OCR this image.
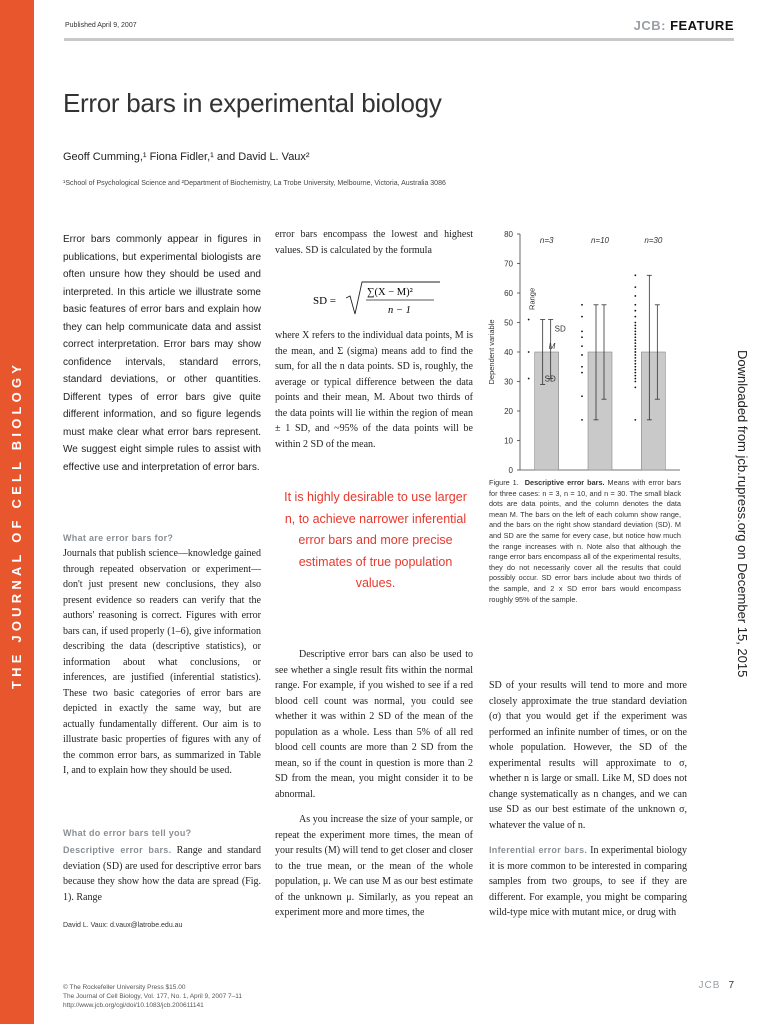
THE JOURNAL OF CELL BIOLOGY
Published April 9, 2007	JCB: FEATURE
Error bars in experimental biology
Geoff Cumming,¹ Fiona Fidler,¹ and David L. Vaux²
¹School of Psychological Science and ²Department of Biochemistry, La Trobe University, Melbourne, Victoria, Australia 3086
Error bars commonly appear in figures in publications, but experimental biologists are often unsure how they should be used and interpreted. In this article we illustrate some basic features of error bars and explain how they can help communicate data and assist correct interpretation. Error bars may show confidence intervals, standard errors, standard deviations, or other quantities. Different types of error bars give quite different information, and so figure legends must make clear what error bars represent. We suggest eight simple rules to assist with effective use and interpretation of error bars.
What are error bars for?
Journals that publish science—knowledge gained through repeated observation or experiment—don't just present new conclusions, they also present evidence so readers can verify that the authors' reasoning is correct. Figures with error bars can, if used properly (1–6), give information describing the data (descriptive statistics), or information about what conclusions, or inferences, are justified (inferential statistics). These two basic categories of error bars are depicted in exactly the same way, but are actually fundamentally different. Our aim is to illustrate basic properties of figures with any of the common error bars, as summarized in Table I, and to explain how they should be used.
What do error bars tell you?
Descriptive error bars. Range and standard deviation (SD) are used for descriptive error bars because they show how the data are spread (Fig. 1). Range
David L. Vaux: d.vaux@latrobe.edu.au
error bars encompass the lowest and highest values. SD is calculated by the formula
SD =
∑(X − M)²
n − 1
where X refers to the individual data points, M is the mean, and Σ (sigma) means add to find the sum, for all the n data points. SD is, roughly, the average or typical difference between the data points and their mean, M. About two thirds of the data points will lie within the region of mean ± 1 SD, and ~95% of the data points will be within 2 SD of the mean.
It is highly desirable to use larger n, to achieve narrower inferential error bars and more precise estimates of true population values.

Descriptive error bars can also be used to see whether a single result fits within the normal range. For example, if you wished to see if a red blood cell count was normal, you could see whether it was within 2 SD of the mean of the population as a whole. Less than 5% of all red blood cell counts are more than 2 SD from the mean, so if the count in question is more than 2 SD from the mean, you might consider it to be abnormal.

As you increase the size of your sample, or repeat the experiment more times, the mean of your results (M) will tend to get closer and closer to the true mean, or the mean of the whole population, μ. We can use M as our best estimate of the unknown μ. Similarly, as you repeat an experiment more and more times, the

0
10
20
30
40
50
60
70
80
Dependent variable
n=3
Range
SD
M
SD
n=10	n=30
Figure 1. Descriptive error bars. Means with error bars for three cases: n = 3, n = 10, and n = 30. The small black dots are data points, and the column denotes the data mean M. The bars on the left of each column show range, and the bars on the right show standard deviation (SD). M and SD are the same for every case, but notice how much the range increases with n. Note also that although the range error bars encompass all of the experimental results, they do not necessarily cover all the results that could possibly occur. SD error bars include about two thirds of the sample, and 2 x SD error bars would encompass roughly 95% of the sample.

SD of your results will tend to more and more closely approximate the true standard deviation (σ) that you would get if the experiment was performed an infinite number of times, or on the whole population. However, the SD of the experimental results will approximate to σ, whether n is large or small. Like M, SD does not change systematically as n changes, and we can use SD as our best estimate of the unknown σ, whatever the value of n.

Inferential error bars. In experimental biology it is more common to be interested in comparing samples from two groups, to see if they are different. For example, you might be comparing wild-type mice with mutant mice, or drug with

Downloaded from jcb.rupress.org on December 15, 2015
© The Rockefeller University Press $15.00
The Journal of Cell Biology, Vol. 177, No. 1, April 9, 2007 7–11
http://www.jcb.org/cgi/doi/10.1083/jcb.200611141
JCB 7
